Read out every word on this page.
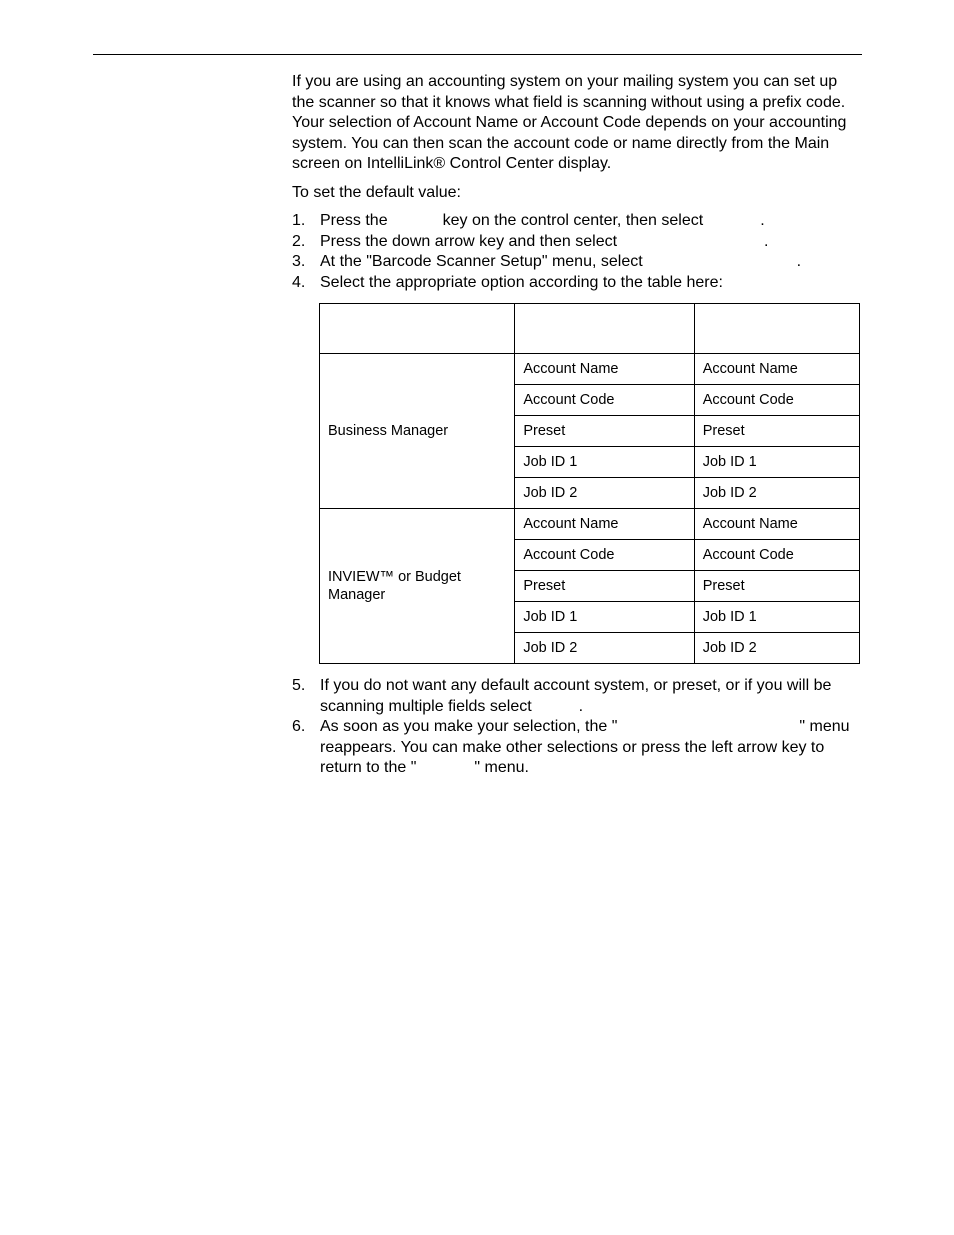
If you are using an accounting system on your mailing system you can set up the scanner so that it knows what field is scanning without using a prefix code. Your selection of Account Name or Account Code depends on your accounting system. You can then scan the account code or name directly from the Main screen on IntelliLink® Control Center display.

To set the default value:

1. Press the	key on the control center, then select	.
2. Press the down arrow key and then select	.
3. At the "Barcode Scanner Setup" menu, select	.
4. Select the appropriate option according to the table here:

Business Manager	Account Name	Account Name
	Account Code	Account Code
	Preset	Preset
	Job ID 1	Job ID 1
	Job ID 2	Job ID 2
INVIEW™ or Budget Manager	Account Name	Account Name
	Account Code	Account Code
	Preset	Preset
	Job ID 1	Job ID 1
	Job ID 2	Job ID 2
5. If you do not want any default account system, or preset, or if you will be scanning multiple fields select	.
6. As soon as you make your selection, the "	" menu reappears. You can make other selections or press the left arrow key to return to the "	" menu.
